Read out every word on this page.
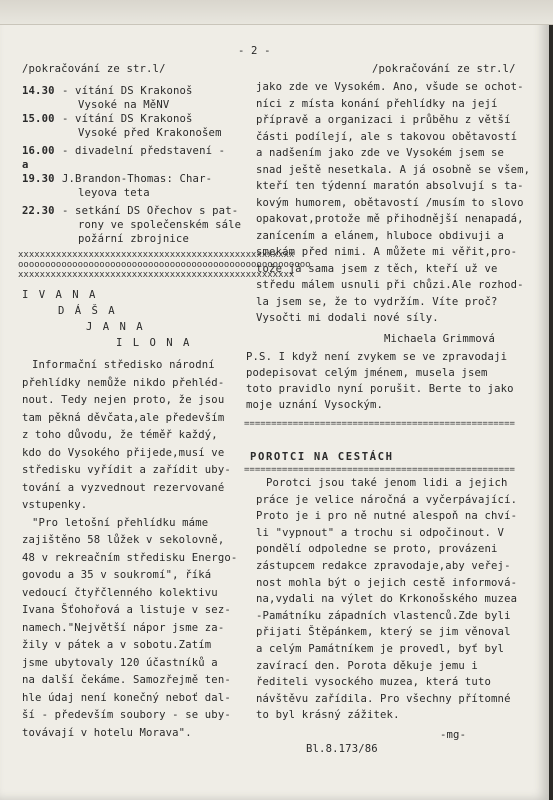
- 2 -
/pokračování ze str.l/
14.30 - vítání DS Krakonoš
Vysoké na MěNV
15.00 - vítání DS Krakonoš
Vysoké před Krakonošem
16.00 - divadelní představení -
a
19.30 J.Brandon-Thomas: Char-
leyova teta
22.30 - setkání DS Ořechov s pat-
rony ve společenském sále
požární zbrojnice
xxxxxxxxxxxxxxxxxxxxxxxxxxxxxxxxxxxxxxxxxxxxxxxxxxx
oooooooooooooooooooooooooooooooooooooooooooooooooooooo
xxxxxxxxxxxxxxxxxxxxxxxxxxxxxxxxxxxxxxxxxxxxxxxxxxx
I V A N A
D Á Š A
J A N A
I L O N A
Informační středisko národní
přehlídky nemůže nikdo přehléd-
nout. Tedy nejen proto, že jsou
tam pěkná děvčata,ale především
z toho důvodu, že téměř každý,
kdo do Vysokého přijede,musí ve
středisku vyřídit a zařídit uby-
tování a vyzvednout rezervované
vstupenky.
"Pro letošní přehlídku máme
zajištěno 58 lůžek v sekolovně,
48 v rekreačním středisku Energo-
govodu a 35 v soukromí", říká
vedoucí čtyřčlenného kolektivu
Ivana Šťohořová a listuje v sez-
namech."Největší nápor jsme za-
žily v pátek a v sobotu.Zatím
jsme ubytovaly 120 účastníků a
na další čekáme. Samozřejmě ten-
hle údaj není konečný neboť dal-
ší - především soubory - se uby-
továvají v hotelu Morava".
/pokračování ze str.l/
jako zde ve Vysokém. Ano, všude se ochot-
níci z místa konání přehlídky na její
přípravě a organizaci i průběhu z větší
části podílejí, ale s takovou obětavostí
a nadšením jako zde ve Vysokém jsem se
snad ještě nesetkala. A já osobně se všem,
kteří ten týdenní maratón absolvují s ta-
kovým humorem, obětavostí /musím to slovo
opakovat,protože mě přihodnější nenapadá,
zanícením a elánem, hluboce obdivuji a
smekám před nimi. A můžete mi věřit,pro-
tože já sama jsem z těch, kteří už ve
středu málem usnuli při chůzi.Ale rozhod-
la jsem se, že to vydržím. Víte proč?
Vysočti mi dodali nové síly.
Michaela Grimmová
P.S. I když není zvykem se ve zpravodaji
podepisovat celým jménem, musela jsem
toto pravidlo nyní porušit. Berte to jako
moje uznání Vysockým.
==================================================
POROTCI NA CESTÁCH
==================================================
Porotci jsou také jenom lidi a jejich
práce je velice náročná a vyčerpávající.
Proto je i pro ně nutné alespoň na chví-
li "vypnout" a trochu si odpočinout. V
pondělí odpoledne se proto, provázeni
zástupcem redakce zpravodaje,aby veřej-
nost mohla být o jejich cestě informová-
na,vydali na výlet do Krkonošského muzea
-Památníku západních vlastenců.Zde byli
přijati Štěpánkem, který se jim věnoval
a celým Památníkem je provedl, byť byl
zavírací den. Porota děkuje jemu i
řediteli vysockého muzea, která tuto
návštěvu zařídila. Pro všechny přítomné
to byl krásný zážitek.
-mg-
Bl.8.173/86
